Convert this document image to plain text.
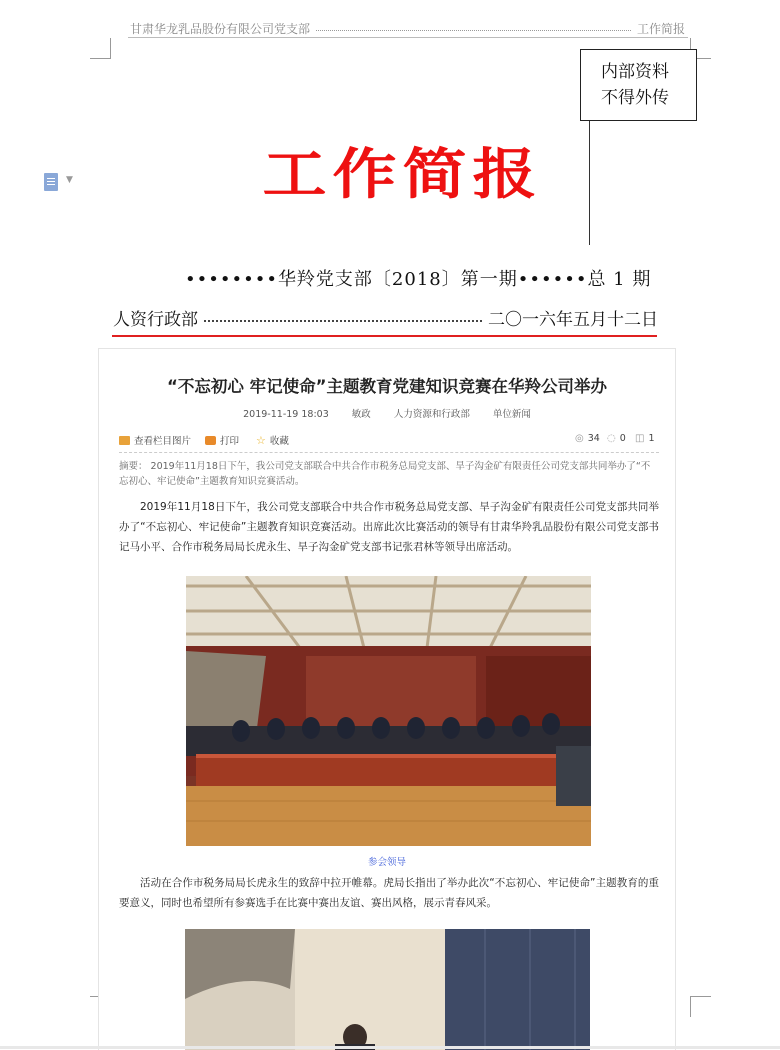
甘肃华龙乳品股份有限公司党支部	工作简报
▼
内部资料
不得外传
工作简报
••••••••华羚党支部〔2018〕第一期••••••总 1 期
人资行政部	二〇一六年五月十二日
“不忘初心 牢记使命”主题教育党建知识竞赛在华羚公司举办
2019-11-19 18:03 敏政 人力资源和行政部 单位新闻
查看栏目图片	打印 ☆ 收藏	◎ 34 ◌ 0 ◫ 1
摘要： 2019年11月18日下午，我公司党支部联合中共合作市税务总局党支部、旱子沟金矿有限责任公司党支部共同举办了“不忘初心、牢记使命”主题教育知识竞赛活动。
2019年11月18日下午，我公司党支部联合中共合作市税务总局党支部、旱子沟金矿有限责任公司党支部共同举办了“不忘初心、牢记使命”主题教育知识竞赛活动。出席此次比赛活动的领导有甘肃华羚乳品股份有限公司党支部书记马小平、合作市税务局局长虎永生、旱子沟金矿党支部书记张君林等领导出席活动。
参会领导
活动在合作市税务局局长虎永生的致辞中拉开帷幕。虎局长指出了举办此次“不忘初心、牢记使命”主题教育的重要意义，同时也希望所有参赛选手在比赛中赛出友谊、赛出风格，展示青春风采。
